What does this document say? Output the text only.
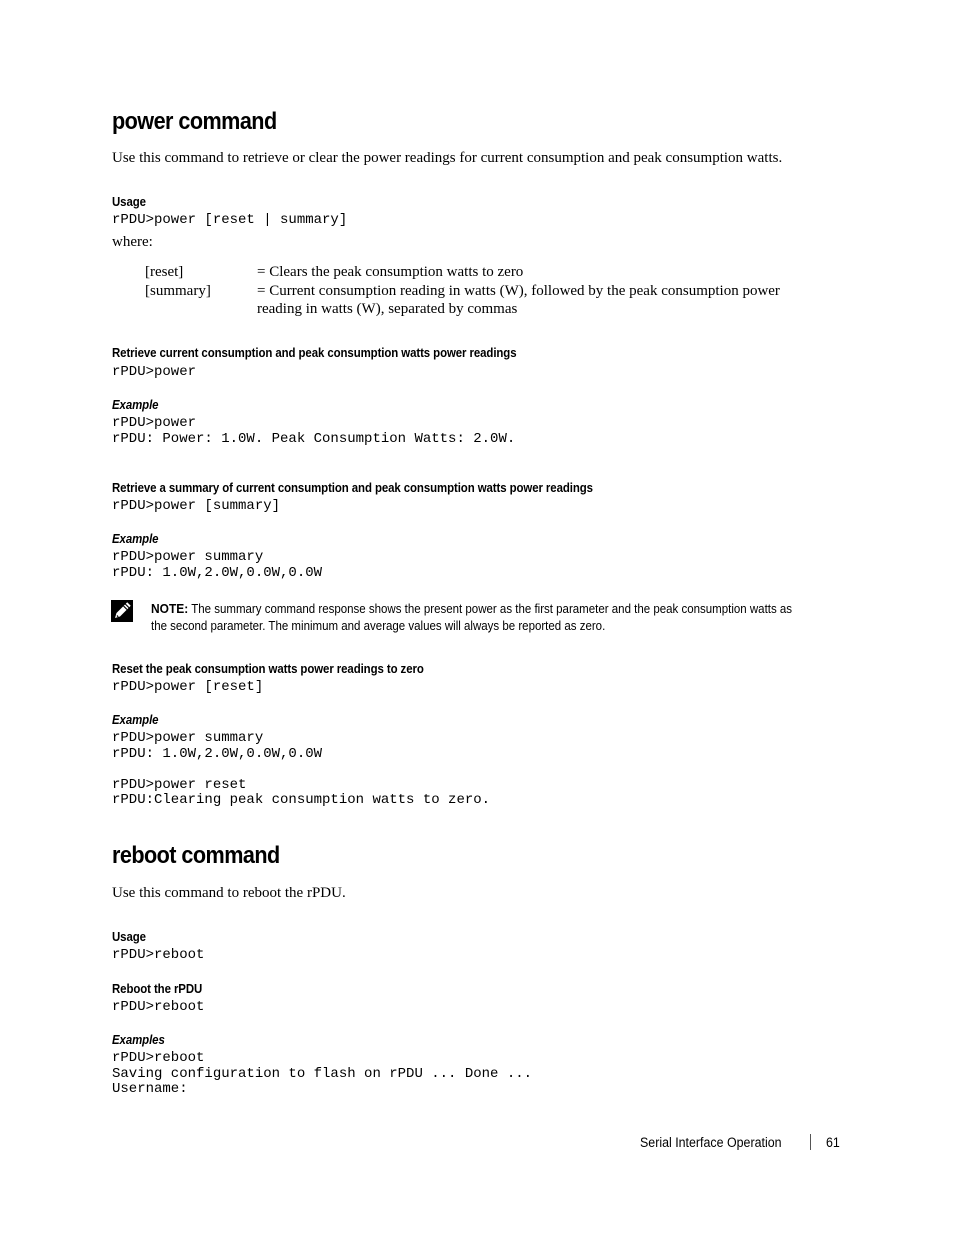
power command
Use this command to retrieve or clear the power readings for current consumption and peak consumption watts.
Usage
rPDU>power [reset | summary]
where:
[reset]	= Clears the peak consumption watts to zero
[summary]	= Current consumption reading in watts (W), followed by the peak consumption power
reading in watts (W), separated by commas
Retrieve current consumption and peak consumption watts power readings
rPDU>power
Example
rPDU>power
rPDU: Power: 1.0W. Peak Consumption Watts: 2.0W.
Retrieve a summary of current consumption and peak consumption watts power readings
rPDU>power [summary]
Example
rPDU>power summary
rPDU: 1.0W,2.0W,0.0W,0.0W
NOTE: The summary command response shows the present power as the first parameter and the peak consumption watts as the second parameter. The minimum and average values will always be reported as zero.
Reset the peak consumption watts power readings to zero
rPDU>power [reset]
Example
rPDU>power summary
rPDU: 1.0W,2.0W,0.0W,0.0W

rPDU>power reset
rPDU:Clearing peak consumption watts to zero.
reboot command
Use this command to reboot the rPDU.
Usage
rPDU>reboot
Reboot the rPDU
rPDU>reboot
Examples
rPDU>reboot
Saving configuration to flash on rPDU ... Done ...
Username:
Serial Interface Operation	61
